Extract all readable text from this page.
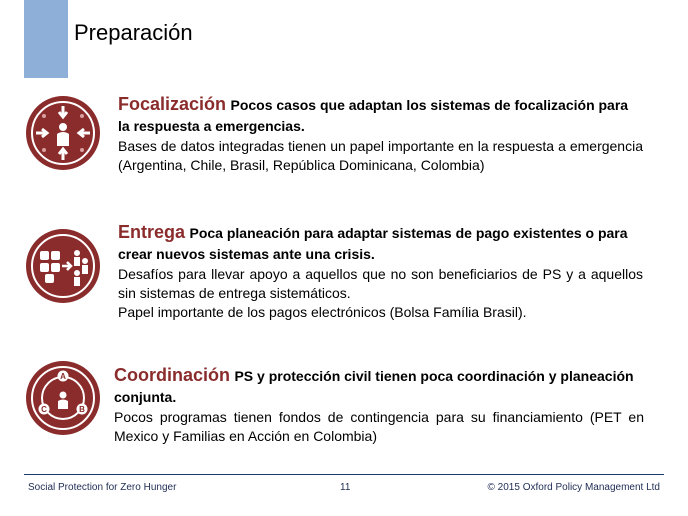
Preparación
Focalización Pocos casos que adaptan los sistemas de focalización para la respuesta a emergencias.
Bases de datos integradas tienen un papel importante en la respuesta a emergencia (Argentina, Chile, Brasil, República Dominicana, Colombia)
Entrega Poca planeación para adaptar sistemas de pago existentes o para crear nuevos sistemas ante una crisis.
Desafíos para llevar apoyo a aquellos que no son beneficiarios de PS y a aquellos sin sistemas de entrega sistemáticos.
Papel importante de los pagos electrónicos (Bolsa Família Brasil).
A
B
C
Coordinación PS y protección civil tienen poca coordinación y planeación conjunta.
Pocos programas tienen fondos de contingencia para su financiamiento (PET en Mexico y Familias en Acción en Colombia)
Social Protection for Zero Hunger	11	© 2015 Oxford Policy Management Ltd
